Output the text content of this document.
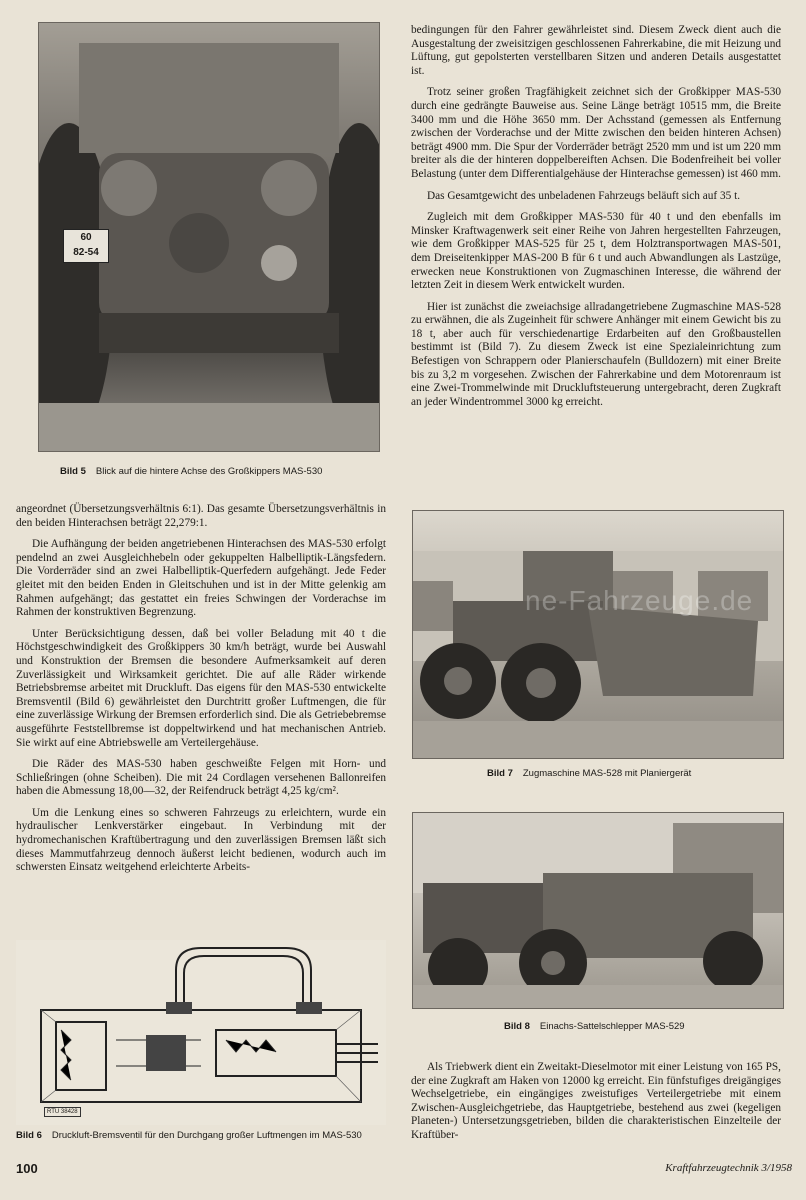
60
82-54
Bild 5 Blick auf die hintere Achse des Großkippers MAS-530

bedingungen für den Fahrer gewährleistet sind. Diesem Zweck dient auch die Ausgestaltung der zweisitzigen geschlossenen Fahrerkabine, die mit Heizung und Lüftung, gut gepolsterten verstellbaren Sitzen und anderen Details ausgestattet ist.

Trotz seiner großen Tragfähigkeit zeichnet sich der Großkipper MAS-530 durch eine gedrängte Bauweise aus. Seine Länge beträgt 10515 mm, die Breite 3400 mm und die Höhe 3650 mm. Der Achsstand (gemessen als Entfernung zwischen der Vorderachse und der Mitte zwischen den beiden hinteren Achsen) beträgt 4900 mm. Die Spur der Vorderräder beträgt 2520 mm und ist um 220 mm breiter als die der hinteren doppelbereiften Achsen. Die Bodenfreiheit bei voller Belastung (unter dem Differentialgehäuse der Hinterachse gemessen) ist 460 mm.

Das Gesamtgewicht des unbeladenen Fahrzeugs beläuft sich auf 35 t.

Zugleich mit dem Großkipper MAS-530 für 40 t und den ebenfalls im Minsker Kraftwagenwerk seit einer Reihe von Jahren hergestellten Fahrzeugen, wie dem Großkipper MAS-525 für 25 t, dem Holztransportwagen MAS-501, dem Dreiseitenkipper MAS-200 B für 6 t und auch Abwandlungen als Lastzüge, erwecken neue Konstruktionen von Zugmaschinen Interesse, die während der letzten Zeit in diesem Werk entwickelt wurden.

Hier ist zunächst die zweiachsige allradangetriebene Zugmaschine MAS-528 zu erwähnen, die als Zugeinheit für schwere Anhänger mit einem Gewicht bis zu 18 t, aber auch für verschiedenartige Erdarbeiten auf den Großbaustellen bestimmt ist (Bild 7). Zu diesem Zweck ist eine Spezialeinrichtung zum Befestigen von Schrappern oder Planierschaufeln (Bulldozern) mit einer Breite bis zu 3,2 m vorgesehen. Zwischen der Fahrerkabine und dem Motorenraum ist eine Zwei-Trommelwinde mit Druckluftsteuerung untergebracht, deren Zugkraft an jeder Windentrommel 3000 kg erreicht.

angeordnet (Übersetzungsverhältnis 6:1). Das gesamte Übersetzungsverhältnis in den beiden Hinterachsen beträgt 22,279:1.

Die Aufhängung der beiden angetriebenen Hinterachsen des MAS-530 erfolgt pendelnd an zwei Ausgleichhebeln oder gekuppelten Halbelliptik-Längsfedern. Die Vorderräder sind an zwei Halbelliptik-Querfedern aufgehängt. Jede Feder gleitet mit den beiden Enden in Gleitschuhen und ist in der Mitte gelenkig am Rahmen aufgehängt; das gestattet ein freies Schwingen der Vorderachse im Rahmen der konstruktiven Begrenzung.

Unter Berücksichtigung dessen, daß bei voller Beladung mit 40 t die Höchstgeschwindigkeit des Großkippers 30 km/h beträgt, wurde bei Auswahl und Konstruktion der Bremsen die besondere Aufmerksamkeit auf deren Zuverlässigkeit und Wirksamkeit gerichtet. Die auf alle Räder wirkende Betriebsbremse arbeitet mit Druckluft. Das eigens für den MAS-530 entwickelte Bremsventil (Bild 6) gewährleistet den Durchtritt großer Luftmengen, die für eine zuverlässige Wirkung der Bremsen erforderlich sind. Die als Getriebebremse ausgeführte Feststellbremse ist doppeltwirkend und hat mechanischen Antrieb. Sie wirkt auf eine Abtriebswelle am Verteilergehäuse.

Die Räder des MAS-530 haben geschweißte Felgen mit Horn- und Schließringen (ohne Scheiben). Die mit 24 Cordlagen versehenen Ballonreifen haben die Abmessung 18,00—32, der Reifendruck beträgt 4,25 kg/cm².

Um die Lenkung eines so schweren Fahrzeugs zu erleichtern, wurde ein hydraulischer Lenkverstärker eingebaut. In Verbindung mit der hydromechanischen Kraftübertragung und den zuverlässigen Bremsen läßt sich dieses Mammutfahrzeug dennoch äußerst leicht bedienen, wodurch auch im schwersten Einsatz weitgehend erleichterte Arbeits-

ne-Fahrzeuge.de
Bild 7 Zugmaschine MAS-528 mit Planiergerät
Bild 8 Einachs-Sattelschlepper MAS-529
RTU 38428
Bild 6 Druckluft-Bremsventil für den Durchgang großer Luftmengen im MAS-530

Als Triebwerk dient ein Zweitakt-Dieselmotor mit einer Leistung von 165 PS, der eine Zugkraft am Haken von 12000 kg erreicht. Ein fünfstufiges dreigängiges Wechselgetriebe, ein eingängiges zweistufiges Verteilergetriebe mit einem Zwischen-Ausgleichgetriebe, das Hauptgetriebe, bestehend aus zwei (kegeligen Planeten-) Untersetzungsgetrieben, bilden die charakteristischen Einzelteile der Kraftüber-

100	Kraftfahrzeugtechnik 3/1958
